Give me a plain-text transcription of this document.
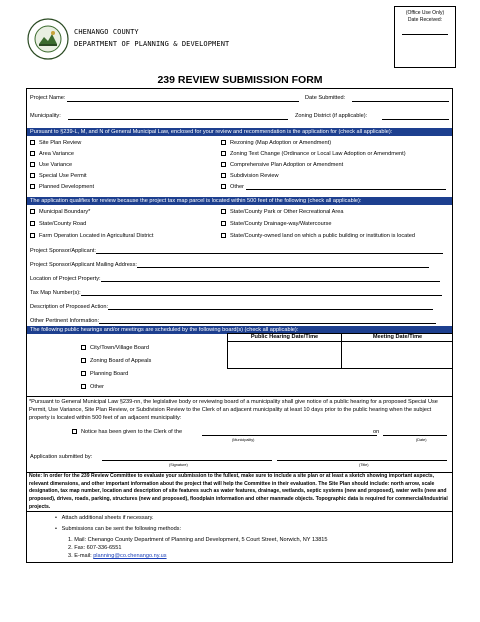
CHENANGO COUNTY
DEPARTMENT OF PLANNING & DEVELOPMENT
(Office Use Only)
Date Received:
239 REVIEW SUBMISSION FORM
Project Name:	Date Submitted:
Municipality:	Zoning District (if applicable):
Pursuant to §239-L, M, and N of General Municipal Law, enclosed for your review and recommendation is the application for (check all applicable):
Site Plan Review
Area Variance
Use Variance
Special Use Permit
Planned Development
Rezoning (Map Adoption or Amendment)
Zoning Text Change (Ordinance or Local Law Adoption or Amendment)
Comprehensive Plan Adoption or Amendment
Subdivision Review
Other
The application qualifies for review because the project tax map parcel is located within 500 feet of the following (check all applicable):
Municipal Boundary*
State/County Road
Farm Operation Located in Agricultural District
State/County Park or Other Recreational Area
State/County Drainage-way/Watercourse
State/County-owned land on which a public building or institution is located
Project Sponsor/Applicant:
Project Sponsor/Applicant Mailing Address:
Location of Project Property:
Tax Map Number(s):
Description of Proposed Action:
Other Pertinent Information:
The following public hearings and/or meetings are scheduled by the following board(s) (check all applicable):
Public Hearing Date/Time	Meeting Date/Time
City/Town/Village Board
Zoning Board of Appeals
Planning Board
Other
*Pursuant to General Municipal Law §239-nn, the legislative body or reviewing board of a municipality shall give notice of a public hearing for a proposed Special Use Permit, Use Variance, Site Plan Review, or Subdivision Review to the Clerk of an adjacent municipality at least 10 days prior to the public hearing when the subject property is located within 500 feet of an adjacent municipality:
Notice has been given to the Clerk of the	on
(Municipality)	(Date)
Application submitted by:
(Signature)	(Title)
Note: In order for the 239 Review Committee to evaluate your submission to the fullest, make sure to include a site plan or at least a sketch showing important aspects, relevant dimensions, and other important information about the project that will help the Committee in their evaluation. The Site Plan should include: north arrow, scale designation, tax map number, location and description of site features such as water features, drainage, wetlands, septic systems (new and proposed), water wells (new and proposed), drives, roads, parking, structures (new and proposed), floodplain information and other manmade objects. Topographic data is required for commercial/industrial projects.
•   Attach additional sheets if necessary.
•   Submissions can be sent the following methods:
1. Mail: Chenango County Department of Planning and Development, 5 Court Street, Norwich, NY 13815
2. Fax: 607-336-6551
3. E-mail: planning@co.chenango.ny.us
